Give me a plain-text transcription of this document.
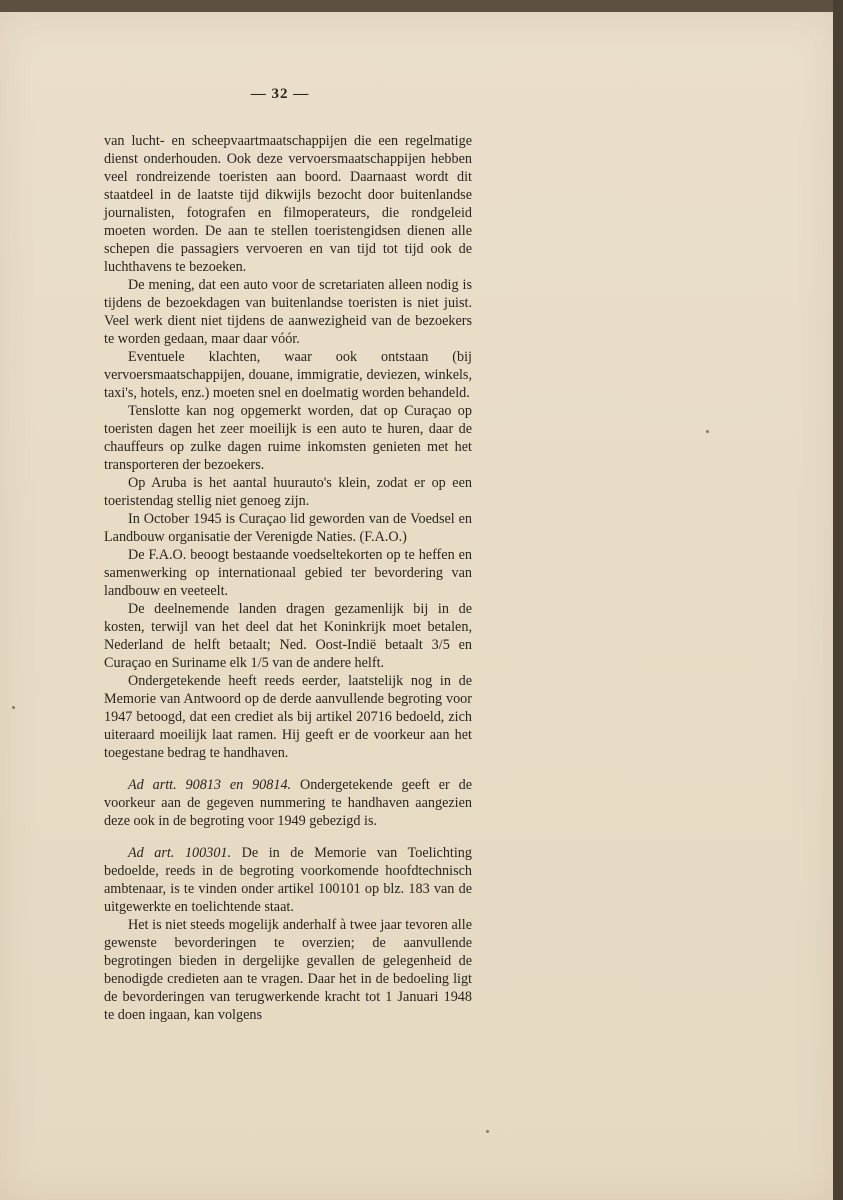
— 32 —

van lucht- en scheepvaartmaatschappijen die een regelmatige dienst onderhouden. Ook deze vervoersmaatschappijen hebben veel rondreizende toeristen aan boord. Daarnaast wordt dit staatdeel in de laatste tijd dikwijls bezocht door buitenlandse journalisten, fotografen en filmoperateurs, die rondgeleid moeten worden. De aan te stellen toeristengidsen dienen alle schepen die passagiers vervoeren en van tijd tot tijd ook de luchthavens te bezoeken.

De mening, dat een auto voor de scretariaten alleen nodig is tijdens de bezoekdagen van buitenlandse toeristen is niet juist. Veel werk dient niet tijdens de aanwezigheid van de bezoekers te worden gedaan, maar daar vóór.

Eventuele klachten, waar ook ontstaan (bij vervoersmaatschappijen, douane, immigratie, deviezen, winkels, taxi's, hotels, enz.) moeten snel en doelmatig worden behandeld.

Tenslotte kan nog opgemerkt worden, dat op Curaçao op toeristen dagen het zeer moeilijk is een auto te huren, daar de chauffeurs op zulke dagen ruime inkomsten genieten met het transporteren der bezoekers.

Op Aruba is het aantal huurauto's klein, zodat er op een toeristendag stellig niet genoeg zijn.

In October 1945 is Curaçao lid geworden van de Voedsel en Landbouw organisatie der Verenigde Naties. (F.A.O.)

De F.A.O. beoogt bestaande voedseltekorten op te heffen en samenwerking op internationaal gebied ter bevordering van landbouw en veeteelt.

De deelnemende landen dragen gezamenlijk bij in de kosten, terwijl van het deel dat het Koninkrijk moet betalen, Nederland de helft betaalt; Ned. Oost-Indië betaalt 3/5 en Curaçao en Suriname elk 1/5 van de andere helft.

Ondergetekende heeft reeds eerder, laatstelijk nog in de Memorie van Antwoord op de derde aanvullende begroting voor 1947 betoogd, dat een crediet als bij artikel 20716 bedoeld, zich uiteraard moeilijk laat ramen. Hij geeft er de voorkeur aan het toegestane bedrag te handhaven.

Ad artt. 90813 en 90814. Ondergetekende geeft er de voorkeur aan de gegeven nummering te handhaven aangezien deze ook in de begroting voor 1949 gebezigd is.

Ad art. 100301. De in de Memorie van Toelichting bedoelde, reeds in de begroting voorkomende hoofdtechnisch ambtenaar, is te vinden onder artikel 100101 op blz. 183 van de uitgewerkte en toelichtende staat.

Het is niet steeds mogelijk anderhalf à twee jaar tevoren alle gewenste bevorderingen te overzien; de aanvullende begrotingen bieden in dergelijke gevallen de gelegenheid de benodigde credieten aan te vragen. Daar het in de bedoeling ligt de bevorderingen van terugwerkende kracht tot 1 Januari 1948 te doen ingaan, kan volgens
